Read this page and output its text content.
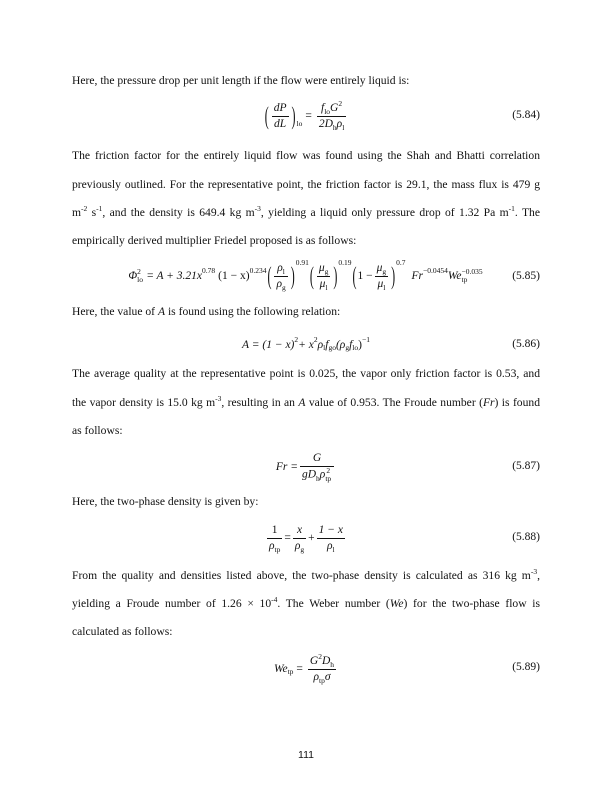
Here, the pressure drop per unit length if the flow were entirely liquid is:
( $\frac{dP}{dL} )_{lo}$
= $\frac{f_{lo}G^2}{2D_h\rho_l}$	(5.84)
The friction factor for the entirely liquid flow was found using the Shah and Bhatti correlation
previously outlined. For the representative point, the friction factor is 29.1, the mass flux is 479 g
$m^{-2}$ $s^{-1}$, and the density is 649.4 kg $m^{-3}$, yielding a liquid only pressure drop of 1.32 Pa $m^{-1}$. The
empirically derived multiplier Friedel proposed is as follows:
Φ 2
lo = $A + 3.21x^{0.78}$ $(1 - x)^{0.234}$ ( $\frac{\rho_l}{\rho_g} )^{0.91}$ ( $\frac{\mu_g}{\mu_l} )^{0.19}$ ( $1 - \frac{\mu_g}{\mu_l} )^{0.7}$
$Fr^{-0.0454}$ We −0.035
tp	(5.85)
Here, the value of A is found using the following relation:
$A = (1 - x)^2 + x^2$ $\rho_l$ $f_{go}$ ($\rho_g$ $f_{lo}$ )$^{-1}$	(5.86)
The average quality at the representative point is 0.025, the vapor only friction factor is 0.53, and
the vapor density is 15.0 kg $m^{-3}$, resulting in an A value of 0.953. The Froude number (Fr) is found
as follows:
Fr = G
$gD_h\rho$ 2
tp	(5.87)
Here, the two-phase density is given by:
$\frac{1}{\rho_{tp}} = \frac{x}{\rho_g} + \frac{1 - x}{\rho_l}$	(5.88)
From the quality and densities listed above, the two-phase density is calculated as 316 kg $m^{-3}$,
yielding a Froude number of $1.26 \times 10^{-4}$. The Weber number (We) for the two-phase flow is
calculated as follows:
$We_{tp} = \frac{G^2D_h}{\rho_{tp}\sigma}$	(5.89)
111
